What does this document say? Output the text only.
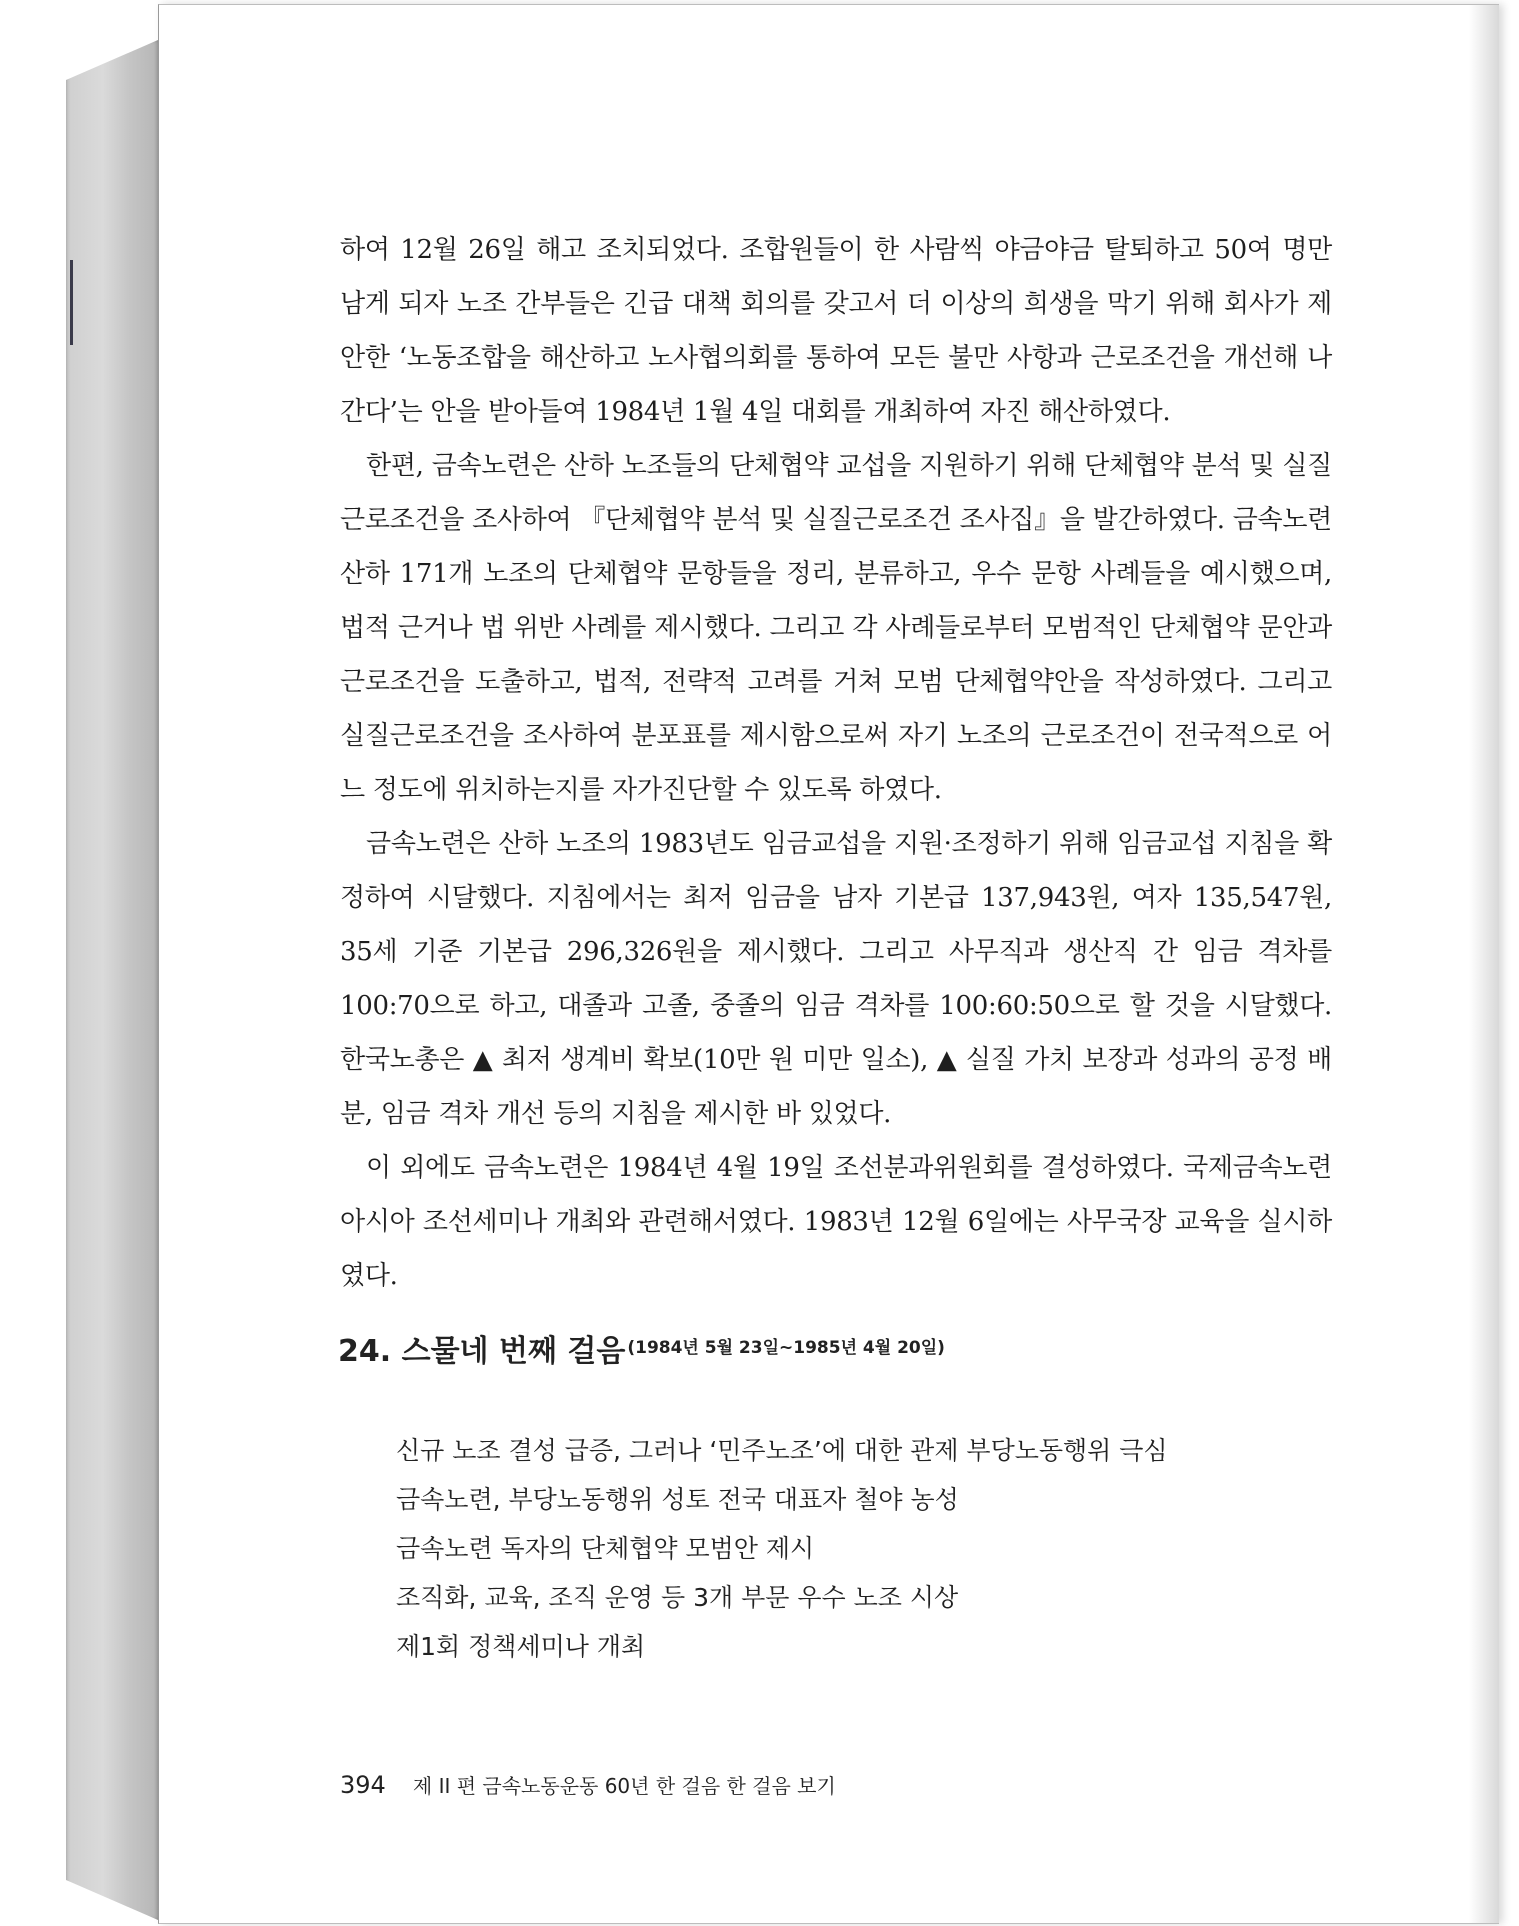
하여 12월 26일 해고 조치되었다. 조합원들이 한 사람씩 야금야금 탈퇴하고 50여 명만 남게 되자 노조 간부들은 긴급 대책 회의를 갖고서 더 이상의 희생을 막기 위해 회사가 제안한 ‘노동조합을 해산하고 노사협의회를 통하여 모든 불만 사항과 근로조건을 개선해 나간다’는 안을 받아들여 1984년 1월 4일 대회를 개최하여 자진 해산하였다.

한편, 금속노련은 산하 노조들의 단체협약 교섭을 지원하기 위해 단체협약 분석 및 실질근로조건을 조사하여 『단체협약 분석 및 실질근로조건 조사집』을 발간하였다. 금속노련 산하 171개 노조의 단체협약 문항들을 정리, 분류하고, 우수 문항 사례들을 예시했으며, 법적 근거나 법 위반 사례를 제시했다. 그리고 각 사례들로부터 모범적인 단체협약 문안과 근로조건을 도출하고, 법적, 전략적 고려를 거쳐 모범 단체협약안을 작성하였다. 그리고 실질근로조건을 조사하여 분포표를 제시함으로써 자기 노조의 근로조건이 전국적으로 어느 정도에 위치하는지를 자가진단할 수 있도록 하였다.

금속노련은 산하 노조의 1983년도 임금교섭을 지원·조정하기 위해 임금교섭 지침을 확정하여 시달했다. 지침에서는 최저 임금을 남자 기본급 137,943원, 여자 135,547원, 35세 기준 기본급 296,326원을 제시했다. 그리고 사무직과 생산직 간 임금 격차를 100:70으로 하고, 대졸과 고졸, 중졸의 임금 격차를 100:60:50으로 할 것을 시달했다. 한국노총은 ▲ 최저 생계비 확보(10만 원 미만 일소), ▲ 실질 가치 보장과 성과의 공정 배분, 임금 격차 개선 등의 지침을 제시한 바 있었다.

이 외에도 금속노련은 1984년 4월 19일 조선분과위원회를 결성하였다. 국제금속노련 아시아 조선세미나 개최와 관련해서였다. 1983년 12월 6일에는 사무국장 교육을 실시하였다.

24. 스물네 번째 걸음 $^{(1984년 5월 23일\sim 1985년 4월 20일)}$
신규 노조 결성 급증, 그러나 ‘민주노조’에 대한 관제 부당노동행위 극심
금속노련, 부당노동행위 성토 전국 대표자 철야 농성
금속노련 독자의 단체협약 모범안 제시
조직화, 교육, 조직 운영 등 3개 부문 우수 노조 시상
제1회 정책세미나 개최
394 제 II 편 금속노동운동 60년 한 걸음 한 걸음 보기
